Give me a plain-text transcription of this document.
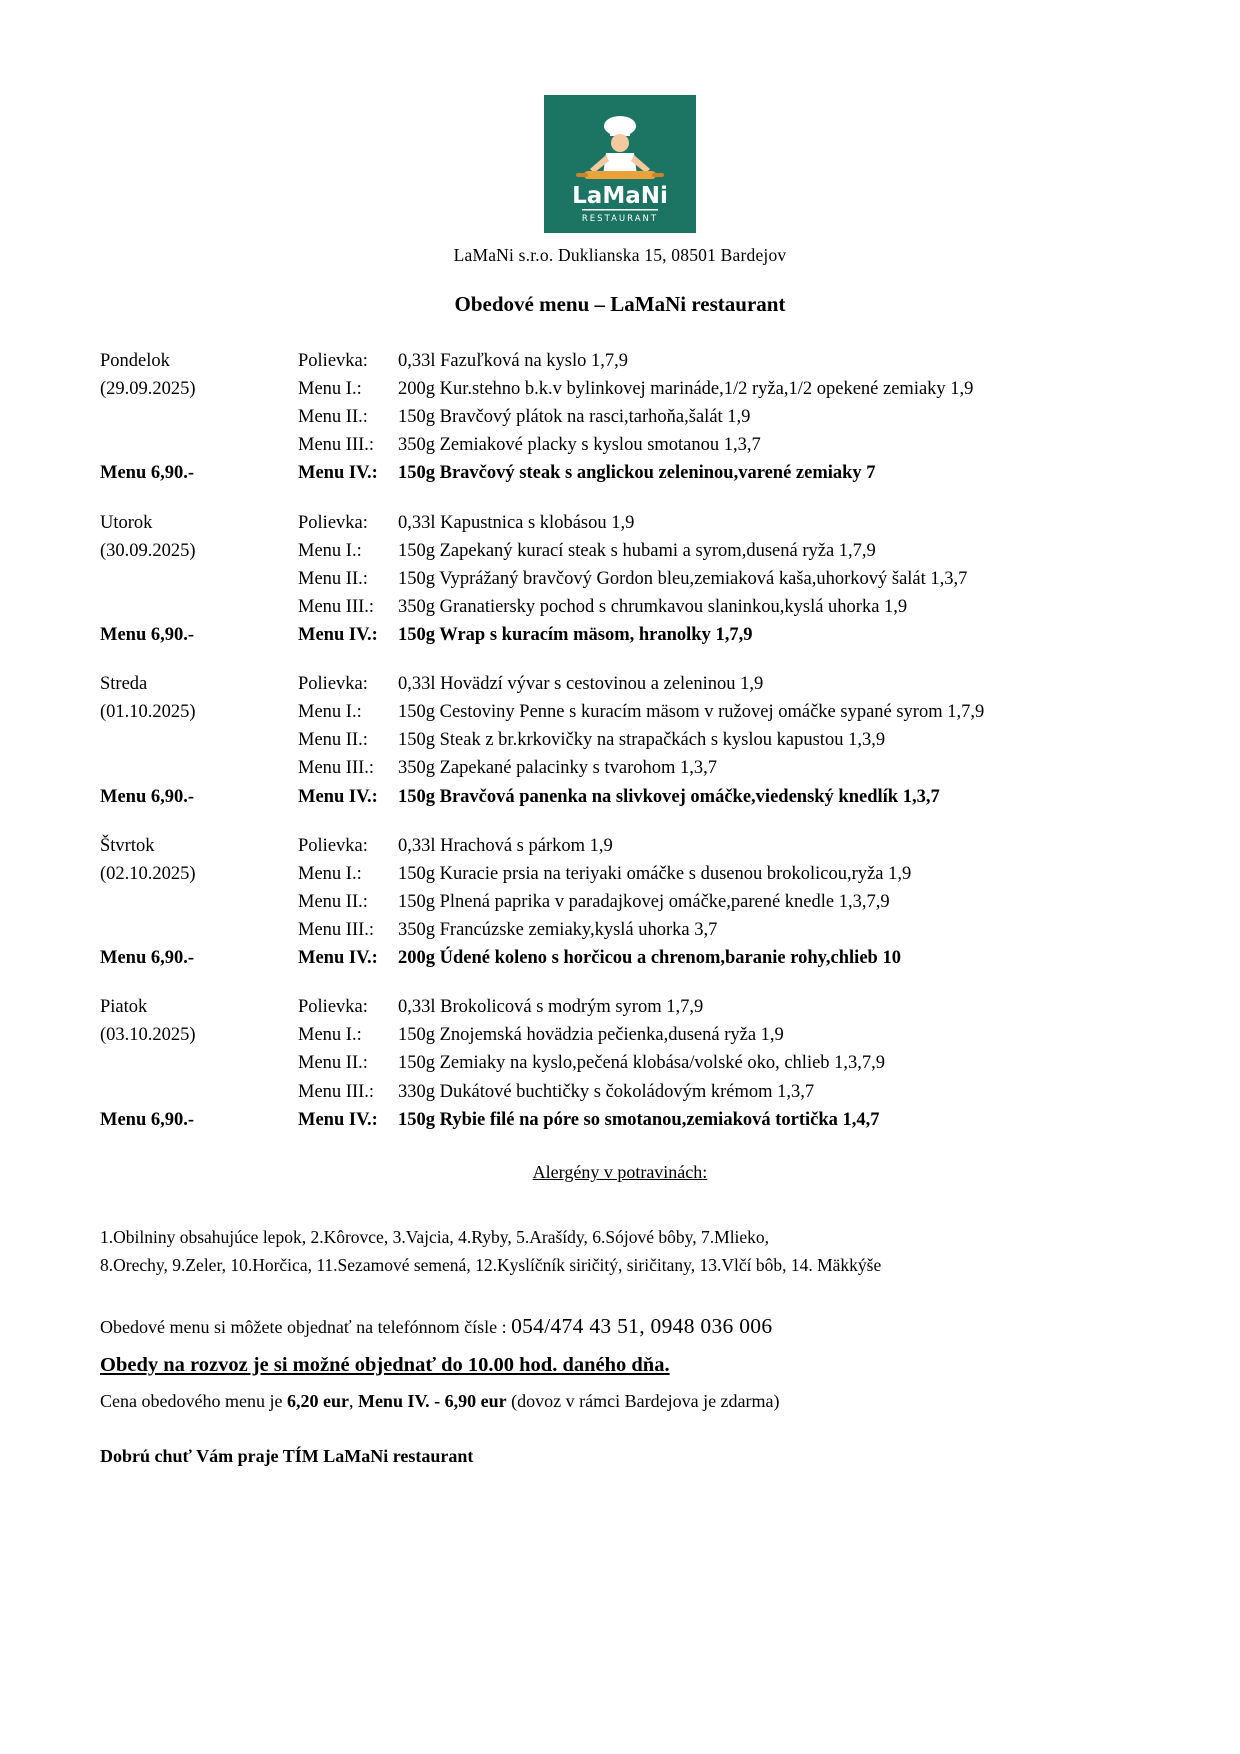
LaMaNi
RESTAURANT
LaMaNi s.r.o. Duklianska 15, 08501 Bardejov
Obedové menu – LaMaNi restaurant
Pondelok	Polievka:	0,33l Fazuľková na kyslo 1,7,9
(29.09.2025)	Menu I.:	200g Kur.stehno b.k.v bylinkovej marináde,1/2 ryža,1/2 opekené zemiaky 1,9
Menu II.:	150g Bravčový plátok na rasci,tarhoňa,šalát 1,9
Menu III.:	350g Zemiakové placky s kyslou smotanou 1,3,7
Menu 6,90.-	Menu IV.:	150g Bravčový steak s anglickou zeleninou,varené zemiaky 7
Utorok	Polievka:	0,33l Kapustnica s klobásou 1,9
(30.09.2025)	Menu I.:	150g Zapekaný kurací steak s hubami a syrom,dusená ryža 1,7,9
Menu II.:	150g Vyprážaný bravčový Gordon bleu,zemiaková kaša,uhorkový šalát 1,3,7
Menu III.:	350g Granatiersky pochod s chrumkavou slaninkou,kyslá uhorka 1,9
Menu 6,90.-	Menu IV.:	150g Wrap s kuracím mäsom, hranolky 1,7,9
Streda	Polievka:	0,33l Hovädzí vývar s cestovinou a zeleninou 1,9
(01.10.2025)	Menu I.:	150g Cestoviny Penne s kuracím mäsom v ružovej omáčke sypané syrom 1,7,9
Menu II.:	150g Steak z br.krkovičky na strapačkách s kyslou kapustou 1,3,9
Menu III.:	350g Zapekané palacinky s tvarohom 1,3,7
Menu 6,90.-	Menu IV.:	150g Bravčová panenka na slivkovej omáčke,viedenský knedlík 1,3,7
Štvrtok	Polievka:	0,33l Hrachová s párkom 1,9
(02.10.2025)	Menu I.:	150g Kuracie prsia na teriyaki omáčke s dusenou brokolicou,ryža 1,9
Menu II.:	150g Plnená paprika v paradajkovej omáčke,parené knedle 1,3,7,9
Menu III.:	350g Francúzske zemiaky,kyslá uhorka 3,7
Menu 6,90.-	Menu IV.:	200g Údené koleno s horčicou a chrenom,baranie rohy,chlieb 10
Piatok	Polievka:	0,33l Brokolicová s modrým syrom 1,7,9
(03.10.2025)	Menu I.:	150g Znojemská hovädzia pečienka,dusená ryža 1,9
Menu II.:	150g Zemiaky na kyslo,pečená klobása/volské oko, chlieb 1,3,7,9
Menu III.:	330g Dukátové buchtičky s čokoládovým krémom 1,3,7
Menu 6,90.-	Menu IV.:	150g Rybie filé na póre so smotanou,zemiaková tortička 1,4,7
Alergény v potravinách:
1.Obilniny obsahujúce lepok, 2.Kôrovce, 3.Vajcia, 4.Ryby, 5.Arašídy, 6.Sójové bôby, 7.Mlieko,
8.Orechy, 9.Zeler, 10.Horčica, 11.Sezamové semená, 12.Kyslíčník siričitý, siričitany, 13.Vlčí bôb, 14. Mäkkýše
Obedové menu si môžete objednať na telefónnom čísle : 054/474 43 51, 0948 036 006
Obedy na rozvoz je si možné objednať do 10.00 hod. daného dňa.
Cena obedového menu je 6,20 eur, Menu IV. - 6,90 eur (dovoz v rámci Bardejova je zdarma)
Dobrú chuť Vám praje TÍM LaMaNi restaurant
